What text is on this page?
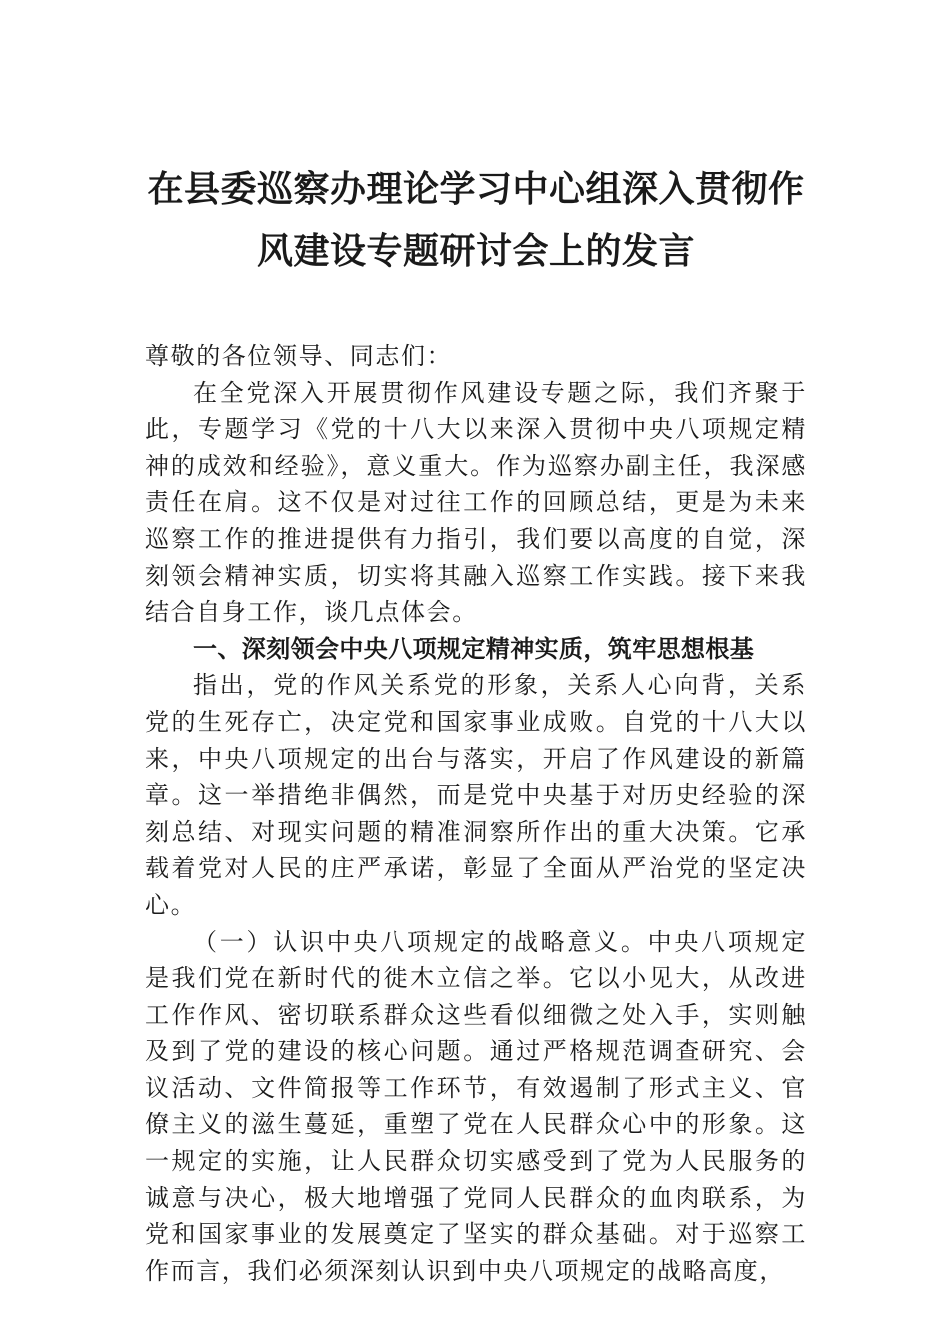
在县委巡察办理论学习中心组深入贯彻作
风建设专题研讨会上的发言

尊敬的各位领导、同志们：

在全党深入开展贯彻作风建设专题之际，我们齐聚于此，专题学习《党的十八大以来深入贯彻中央八项规定精神的成效和经验》，意义重大。作为巡察办副主任，我深感责任在肩。这不仅是对过往工作的回顾总结，更是为未来巡察工作的推进提供有力指引，我们要以高度的自觉，深刻领会精神实质，切实将其融入巡察工作实践。接下来我结合自身工作，谈几点体会。

一、深刻领会中央八项规定精神实质，筑牢思想根基

指出，党的作风关系党的形象，关系人心向背，关系党的生死存亡，决定党和国家事业成败。自党的十八大以来，中央八项规定的出台与落实，开启了作风建设的新篇章。这一举措绝非偶然，而是党中央基于对历史经验的深刻总结、对现实问题的精准洞察所作出的重大决策。它承载着党对人民的庄严承诺，彰显了全面从严治党的坚定决心。

（一）认识中央八项规定的战略意义。中央八项规定是我们党在新时代的徙木立信之举。它以小见大，从改进工作作风、密切联系群众这些看似细微之处入手，实则触及到了党的建设的核心问题。通过严格规范调查研究、会议活动、文件简报等工作环节，有效遏制了形式主义、官僚主义的滋生蔓延，重塑了党在人民群众心中的形象。这一规定的实施，让人民群众切实感受到了党为人民服务的诚意与决心，极大地增强了党同人民群众的血肉联系，为党和国家事业的发展奠定了坚实的群众基础。对于巡察工作而言，我们必须深刻认识到中央八项规定的战略高度，
